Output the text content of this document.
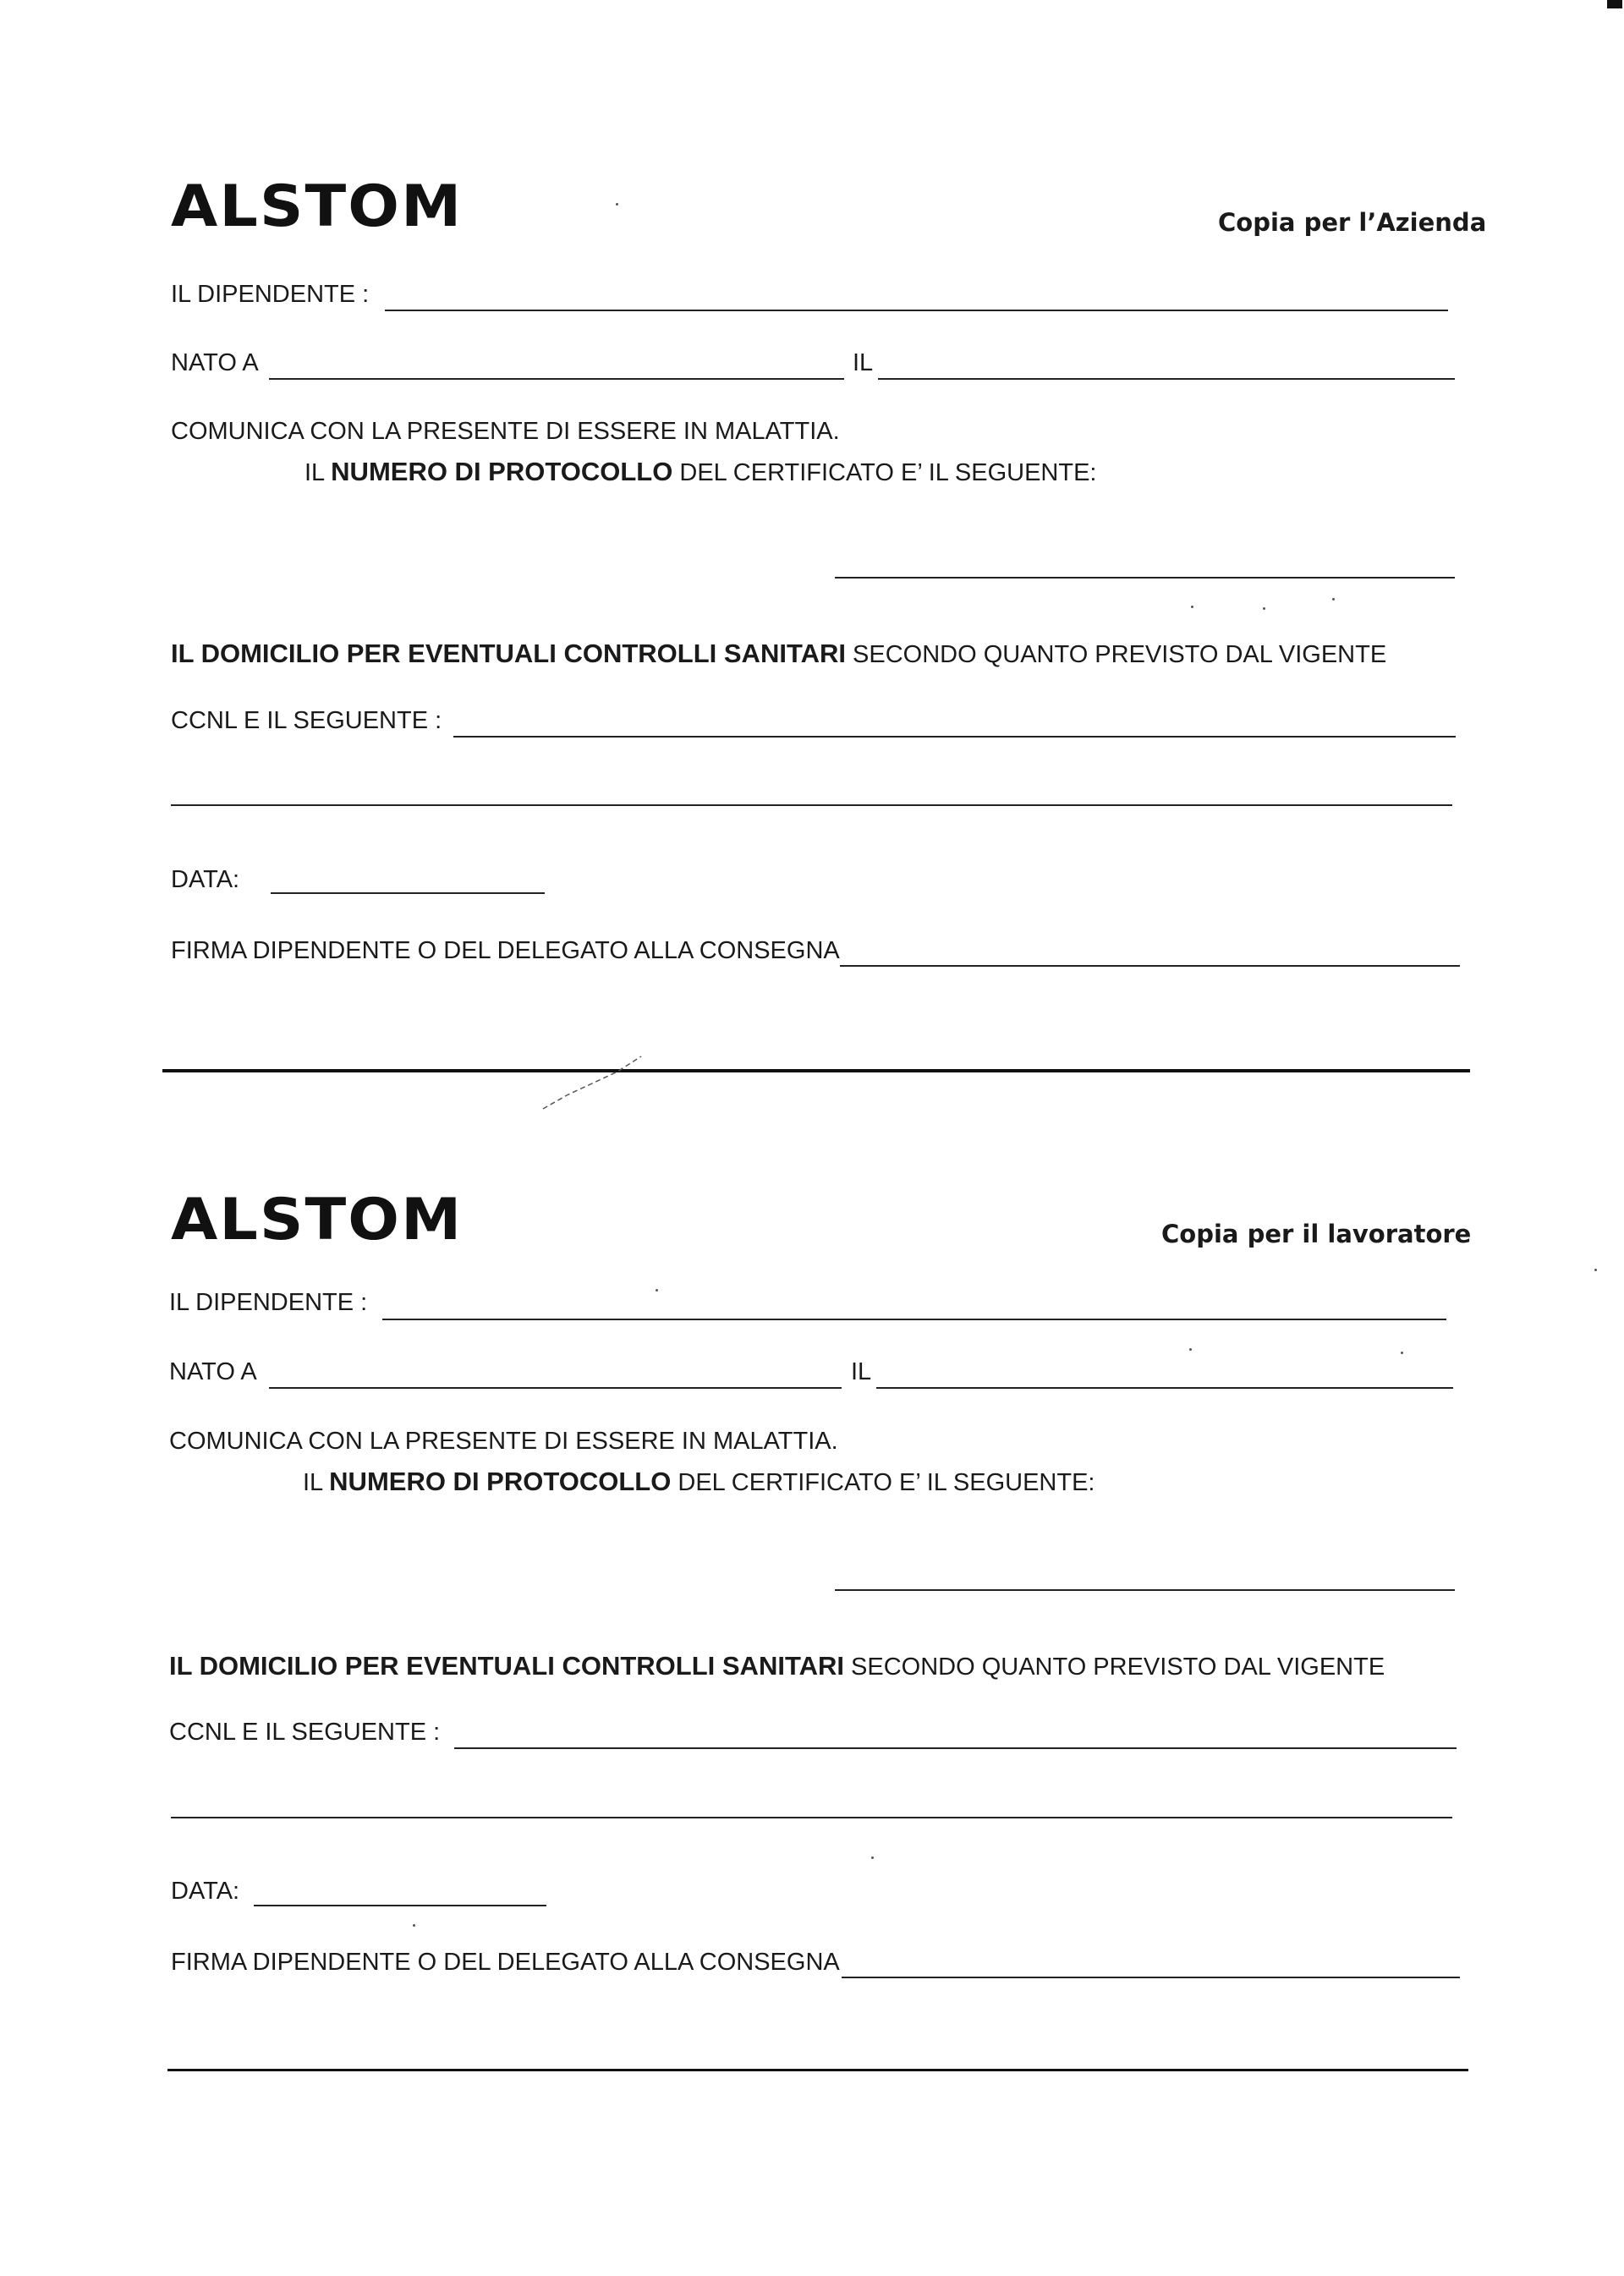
ALSTOM	Copia per l’Azienda
IL DIPENDENTE :
NATO A	IL
COMUNICA CON LA PRESENTE DI ESSERE IN MALATTIA.
IL NUMERO DI PROTOCOLLO DEL CERTIFICATO E’ IL SEGUENTE:
IL DOMICILIO PER EVENTUALI CONTROLLI SANITARI SECONDO QUANTO PREVISTO DAL VIGENTE
CCNL E IL SEGUENTE :
DATA:
FIRMA DIPENDENTE O DEL DELEGATO ALLA CONSEGNA
ALSTOM	Copia per il lavoratore
IL DIPENDENTE :
NATO A	IL
COMUNICA CON LA PRESENTE DI ESSERE IN MALATTIA.
IL NUMERO DI PROTOCOLLO DEL CERTIFICATO E’ IL SEGUENTE:
IL DOMICILIO PER EVENTUALI CONTROLLI SANITARI SECONDO QUANTO PREVISTO DAL VIGENTE
CCNL E IL SEGUENTE :
DATA:
FIRMA DIPENDENTE O DEL DELEGATO ALLA CONSEGNA
